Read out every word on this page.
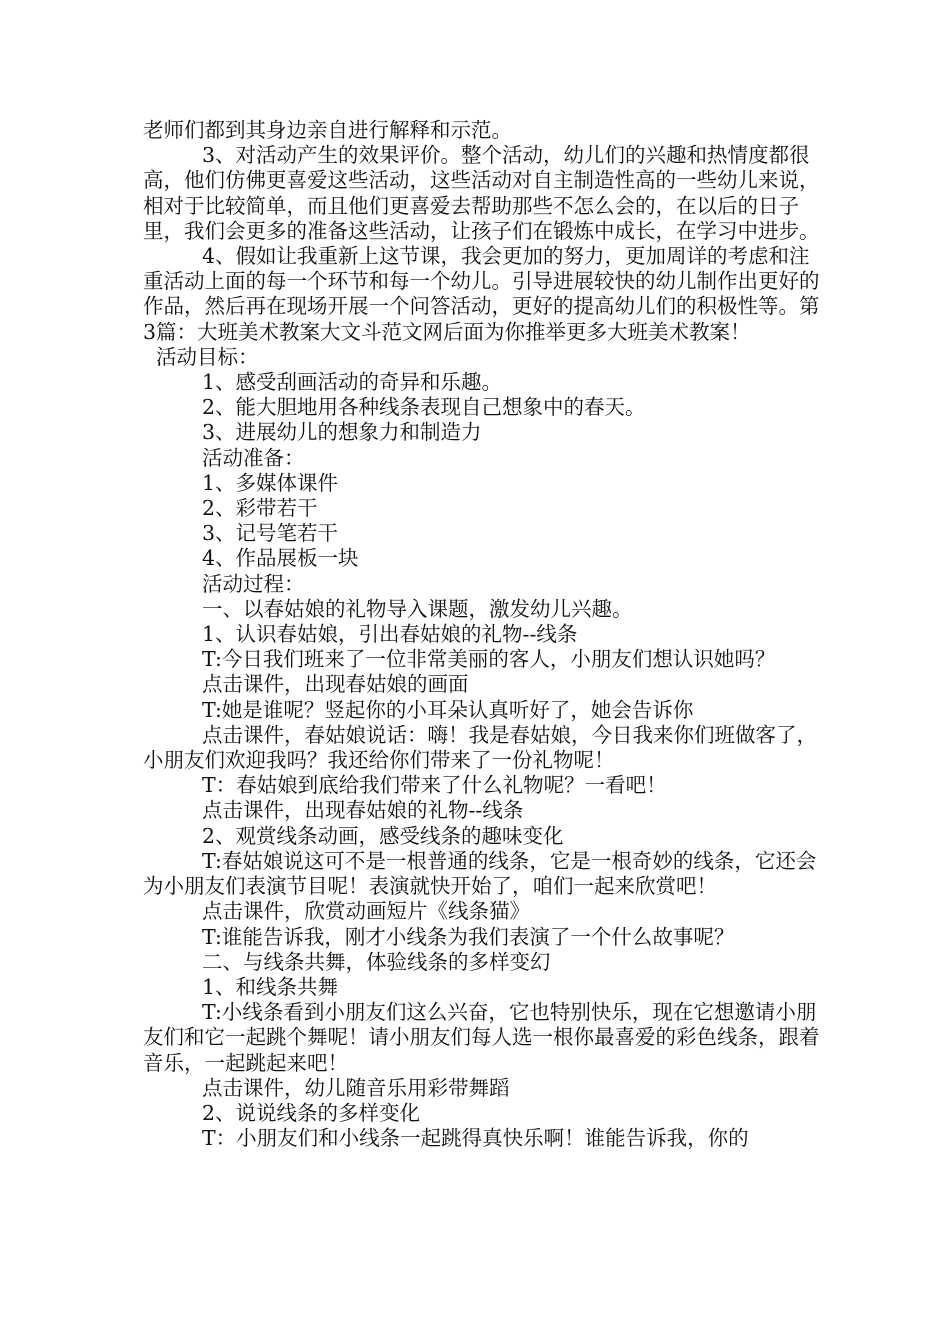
老师们都到其身边亲自进行解释和示范。

3、对活动产生的效果评价。整个活动，幼儿们的兴趣和热情度都很高，他们仿佛更喜爱这些活动，这些活动对自主制造性高的一些幼儿来说，相对于比较简单，而且他们更喜爱去帮助那些不怎么会的，在以后的日子里，我们会更多的准备这些活动，让孩子们在锻炼中成长，在学习中进步。

4、假如让我重新上这节课，我会更加的努力，更加周详的考虑和注重活动上面的每一个环节和每一个幼儿。引导进展较快的幼儿制作出更好的作品，然后再在现场开展一个问答活动，更好的提高幼儿们的积极性等。第3篇：大班美术教案大文斗范文网后面为你推举更多大班美术教案！

活动目标：

1、感受刮画活动的奇异和乐趣。

2、能大胆地用各种线条表现自己想象中的春天。

3、进展幼儿的想象力和制造力

活动准备：

1、多媒体课件

2、彩带若干

3、记号笔若干

4、作品展板一块

活动过程：

一、以春姑娘的礼物导入课题，激发幼儿兴趣。

1、认识春姑娘，引出春姑娘的礼物--线条

T:今日我们班来了一位非常美丽的客人，小朋友们想认识她吗？

点击课件，出现春姑娘的画面

T:她是谁呢？竖起你的小耳朵认真听好了，她会告诉你

点击课件，春姑娘说话：嗨！我是春姑娘，今日我来你们班做客了，小朋友们欢迎我吗？我还给你们带来了一份礼物呢！

T：春姑娘到底给我们带来了什么礼物呢？一看吧！

点击课件，出现春姑娘的礼物--线条

2、观赏线条动画，感受线条的趣味变化

T:春姑娘说这可不是一根普通的线条，它是一根奇妙的线条，它还会为小朋友们表演节目呢！表演就快开始了，咱们一起来欣赏吧！

点击课件，欣赏动画短片《线条猫》

T:谁能告诉我，刚才小线条为我们表演了一个什么故事呢？

二、与线条共舞，体验线条的多样变幻

1、和线条共舞

T:小线条看到小朋友们这么兴奋，它也特别快乐，现在它想邀请小朋友们和它一起跳个舞呢！请小朋友们每人选一根你最喜爱的彩色线条，跟着音乐，一起跳起来吧！

点击课件，幼儿随音乐用彩带舞蹈

2、说说线条的多样变化

T：小朋友们和小线条一起跳得真快乐啊！谁能告诉我，你的
